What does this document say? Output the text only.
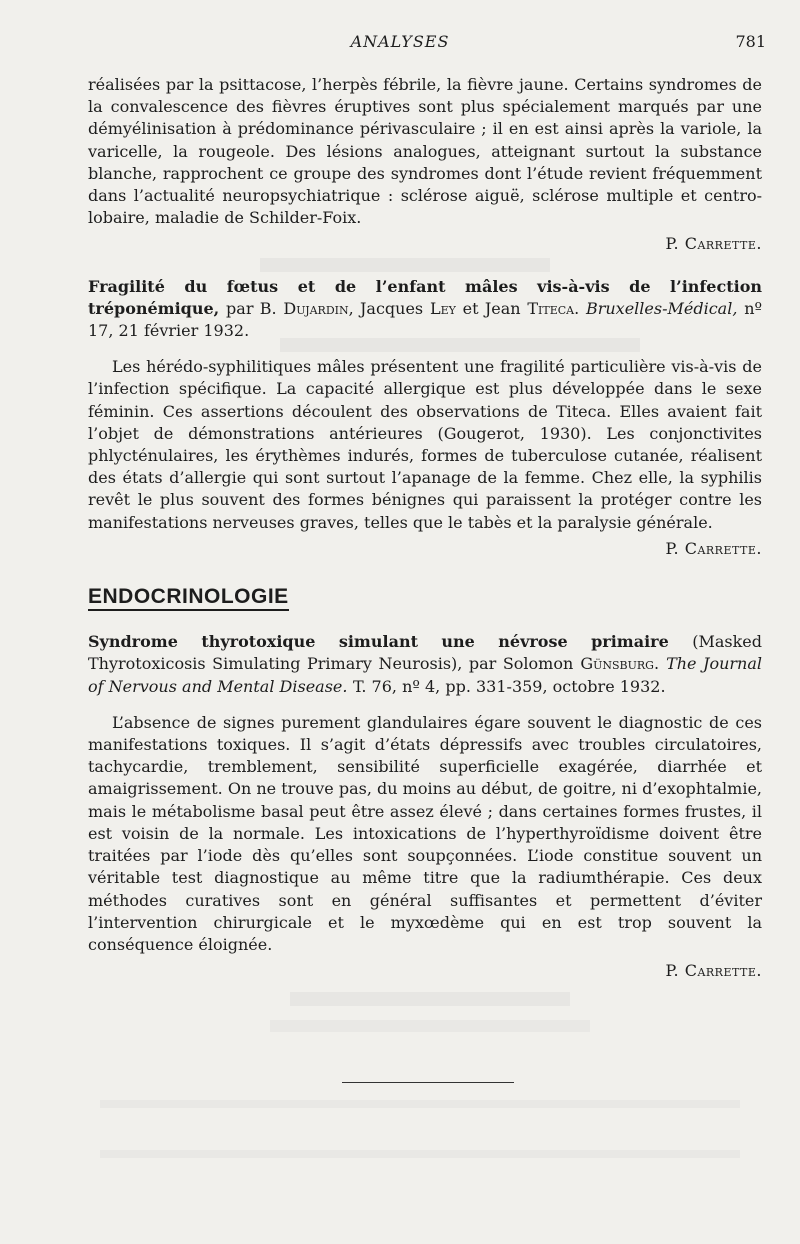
ANALYSES	781

réalisées par la psittacose, l’herpès fébrile, la fièvre jaune. Certains syndromes de la convalescence des fièvres éruptives sont plus spécialement marqués par une démyélinisation à prédominance périvasculaire ; il en est ainsi après la variole, la varicelle, la rougeole. Des lésions analogues, atteignant surtout la substance blanche, rapprochent ce groupe des syndromes dont l’étude revient fréquemment dans l’actualité neuropsychiatrique : sclérose aiguë, sclérose multiple et centro-lobaire, maladie de Schilder-Foix.

P. Carrette.

Fragilité du fœtus et de l’enfant mâles vis-à-vis de l’infection tréponémique, par B. Dujardin, Jacques Ley et Jean Titeca. Bruxelles-Médical, nº 17, 21 février 1932.

Les hérédo-syphilitiques mâles présentent une fragilité particulière vis-à-vis de l’infection spécifique. La capacité allergique est plus développée dans le sexe féminin. Ces assertions découlent des observations de Titeca. Elles avaient fait l’objet de démonstrations antérieures (Gougerot, 1930). Les conjonctivites phlycténulaires, les érythèmes indurés, formes de tuberculose cutanée, réalisent des états d’allergie qui sont surtout l’apanage de la femme. Chez elle, la syphilis revêt le plus souvent des formes bénignes qui paraissent la protéger contre les manifestations nerveuses graves, telles que le tabès et la paralysie générale.

P. Carrette.
ENDOCRINOLOGIE

Syndrome thyrotoxique simulant une névrose primaire (Masked Thyrotoxicosis Simulating Primary Neurosis), par Solomon Günsburg. The Journal of Nervous and Mental Disease. T. 76, nº 4, pp. 331-359, octobre 1932.

L’absence de signes purement glandulaires égare souvent le diagnostic de ces manifestations toxiques. Il s’agit d’états dépressifs avec troubles circulatoires, tachycardie, tremblement, sensibilité superficielle exagérée, diarrhée et amaigrissement. On ne trouve pas, du moins au début, de goitre, ni d’exophtalmie, mais le métabolisme basal peut être assez élevé ; dans certaines formes frustes, il est voisin de la normale. Les intoxications de l’hyperthyroïdisme doivent être traitées par l’iode dès qu’elles sont soupçonnées. L’iode constitue souvent un véritable test diagnostique au même titre que la radiumthérapie. Ces deux méthodes curatives sont en général suffisantes et permettent d’éviter l’intervention chirurgicale et le myxœdème qui en est trop souvent la conséquence éloignée.

P. Carrette.
